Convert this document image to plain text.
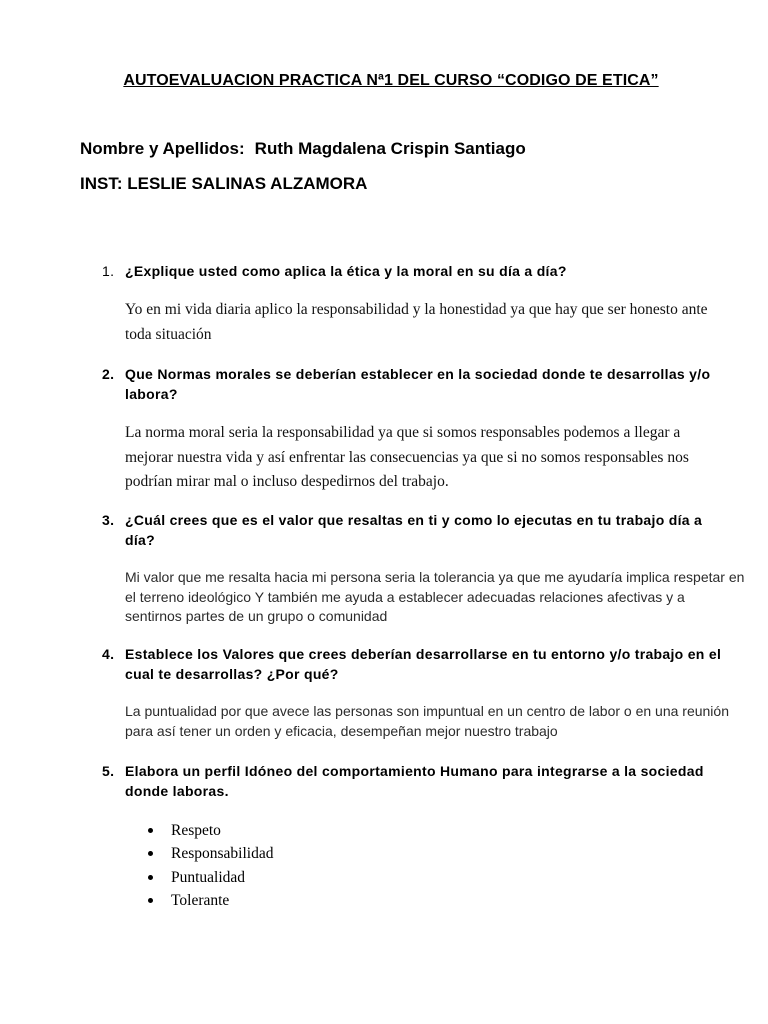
AUTOEVALUACION PRACTICA Nª1 DEL CURSO “CODIGO DE ETICA”
Nombre y Apellidos: Ruth Magdalena Crispin Santiago
INST: LESLIE SALINAS ALZAMORA
1. ¿Explique usted como aplica la ética y la moral en su día a día?
Yo en mi vida diaria aplico la responsabilidad y la honestidad ya que hay que ser honesto ante toda situación
2. Que Normas morales se deberían establecer en la sociedad donde te desarrollas y/o labora?
La norma moral seria la responsabilidad ya que si somos responsables podemos a llegar a mejorar nuestra vida y así enfrentar las consecuencias ya que si no somos responsables nos podrían mirar mal o incluso despedirnos del trabajo.
3. ¿Cuál crees que es el valor que resaltas en ti y como lo ejecutas en tu trabajo día a día?
Mi valor que me resalta hacia mi persona seria la tolerancia ya que me ayudaría implica respetar en el terreno ideológico Y también me ayuda a establecer adecuadas relaciones afectivas y a sentirnos partes de un grupo o comunidad
4. Establece los Valores que crees deberían desarrollarse en tu entorno y/o trabajo en el cual te desarrollas? ¿Por qué?
La puntualidad por que avece las personas son impuntual en un centro de labor o en una reunión para así tener un orden y eficacia, desempeñan mejor nuestro trabajo
5. Elabora un perfil Idóneo del comportamiento Humano para integrarse a la sociedad donde laboras.
Respeto
Responsabilidad
Puntualidad
Tolerante
